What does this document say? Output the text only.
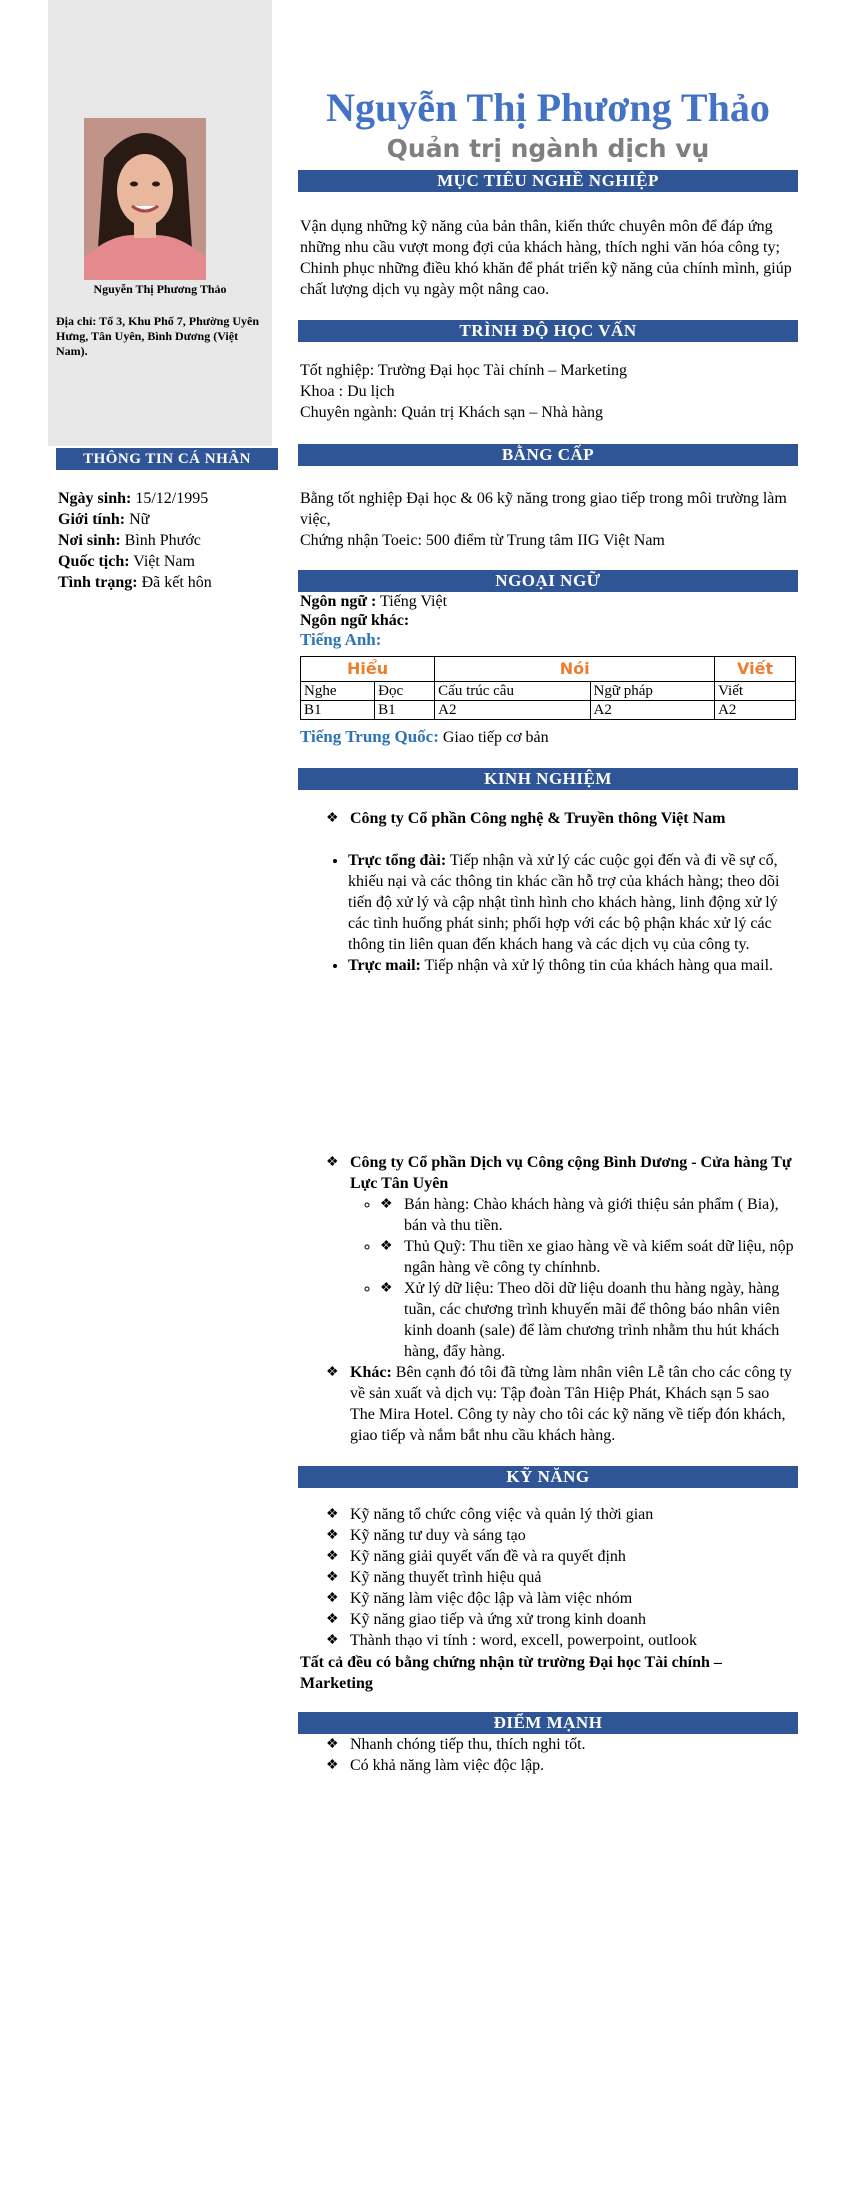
Nguyễn Thị Phương Thảo
Địa chỉ: Tổ 3, Khu Phố 7, Phường Uyên Hưng, Tân Uyên, Bình Dương (Việt Nam).
THÔNG TIN CÁ NHÂN
Ngày sinh: 15/12/1995
Giới tính: Nữ
Nơi sinh: Bình Phước
Quốc tịch: Việt Nam
Tình trạng: Đã kết hôn
Nguyễn Thị Phương Thảo
Quản trị ngành dịch vụ
MỤC TIÊU NGHỀ NGHIỆP
Vận dụng những kỹ năng của bản thân, kiến thức chuyên môn để đáp ứng những nhu cầu vượt mong đợi của khách hàng, thích nghi văn hóa công ty; Chinh phục những điều khó khăn để phát triển kỹ năng của chính mình, giúp chất lượng dịch vụ ngày một nâng cao.
TRÌNH ĐỘ HỌC VẤN
Tốt nghiệp: Trường Đại học Tài chính – Marketing
Khoa : Du lịch
Chuyên ngành: Quản trị Khách sạn – Nhà hàng
BẰNG CẤP
Bằng tốt nghiệp Đại học & 06 kỹ năng trong giao tiếp trong môi trường làm việc,
Chứng nhận Toeic: 500 điểm từ Trung tâm IIG Việt Nam
NGOẠI NGỮ
Ngôn ngữ : Tiếng Việt
Ngôn ngữ khác:
Tiếng Anh:
Hiểu		Nói		Viết
Nghe	Đọc	Cấu trúc câu	Ngữ pháp	Viết
B1	B1	A2	A2	A2
Tiếng Trung Quốc: Giao tiếp cơ bản
KINH NGHIỆM
❖ Công ty Cổ phần Công nghệ & Truyền thông Việt Nam
• Trực tổng đài: Tiếp nhận và xử lý các cuộc gọi đến và đi về sự cố, khiếu nại và các thông tin khác cần hỗ trợ của khách hàng; theo dõi tiến độ xử lý và cập nhật tình hình cho khách hàng, linh động xử lý các tình huống phát sinh; phối hợp với các bộ phận khác xử lý các thông tin liên quan đến khách hang và các dịch vụ của công ty.
• Trực mail: Tiếp nhận và xử lý thông tin của khách hàng qua mail.
❖ Công ty Cổ phần Dịch vụ Công cộng Bình Dương - Cửa hàng Tự Lực Tân Uyên
❖ ◦ Bán hàng: Chào khách hàng và giới thiệu sản phẩm ( Bia), bán và thu tiền.
❖ ◦ Thủ Quỹ: Thu tiền xe giao hàng về và kiểm soát dữ liệu, nộp ngân hàng về công ty chínhnb.
❖ ◦ Xử lý dữ liệu: Theo dõi dữ liệu doanh thu hàng ngày, hàng tuần, các chương trình khuyến mãi để thông báo nhân viên kinh doanh (sale) để làm chương trình nhằm thu hút khách hàng, đẩy hàng.
❖ Khác: Bên cạnh đó tôi đã từng làm nhân viên Lễ tân cho các công ty về sản xuất và dịch vụ: Tập đoàn Tân Hiệp Phát, Khách sạn 5 sao The Mira Hotel. Công ty này cho tôi các kỹ năng về tiếp đón khách, giao tiếp và nắm bắt nhu cầu khách hàng.
KỸ NĂNG
❖ Kỹ năng tổ chức công việc và quản lý thời gian
❖ Kỹ năng tư duy và sáng tạo
❖ Kỹ năng giải quyết vấn đề và ra quyết định
❖ Kỹ năng thuyết trình hiệu quả
❖ Kỹ năng làm việc độc lập và làm việc nhóm
❖ Kỹ năng giao tiếp và ứng xử trong kinh doanh
❖ Thành thạo vi tính : word, excell, powerpoint, outlook
Tất cả đều có bằng chứng nhận từ trường Đại học Tài chính – Marketing
ĐIỂM MẠNH
❖ Nhanh chóng tiếp thu, thích nghi tốt.
❖ Có khả năng làm việc độc lập.
